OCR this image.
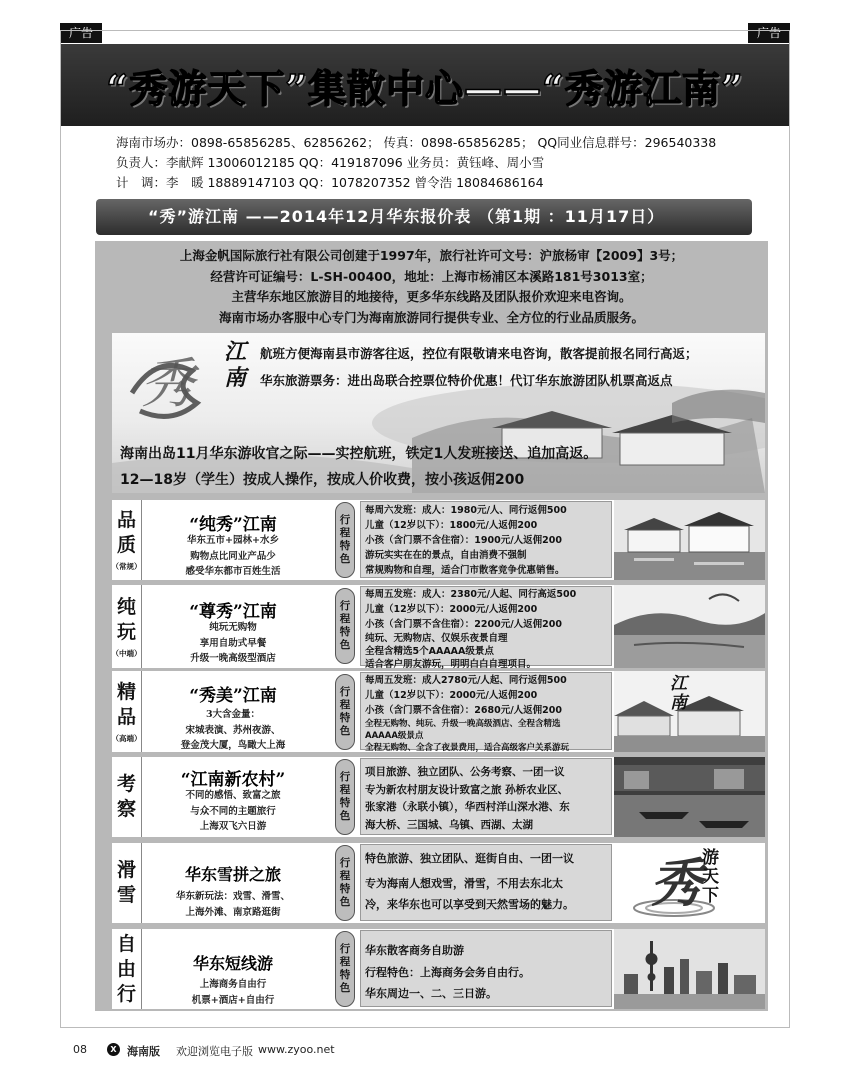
广告	广告
“秀游天下”集散中心——“秀游江南”
海南市场办：0898-65856285、62856262； 传真：0898-65856285； QQ同业信息群号：296540338
负责人：李献辉 13006012185 QQ：419187096 业务员：黄钰峰、周小雪
计　调：李　暖 18889147103 QQ：1078207352 曾令浩 18084686164
“秀”游江南 ——2014年12月华东报价表 （第1期 ：11月17日）
上海金帆国际旅行社有限公司创建于1997年，旅行社许可文号：沪旅杨审【2009】3号；
经营许可证编号：L-SH-00400，地址：上海市杨浦区本溪路181号3013室；
主营华东地区旅游目的地接待，更多华东线路及团队报价欢迎来电咨询。
海南市场办客服中心专门为海南旅游同行提供专业、全方位的行业品质服务。
秀 江南
航班方便海南县市游客往返，控位有限敬请来电咨询，散客提前报名同行高返；
华东旅游票务：进出岛联合控票位特价优惠！代订华东旅游团队机票高返点
海南出岛11月华东游收官之际——实控航班，铁定1人发班接送、追加高返。
12—18岁（学生）按成人操作，按成人价收费，按小孩返佣200
品质
（常规）
“纯秀”江南
华东五市+园林+水乡
购物点比同业产品少
感受华东都市百姓生活
行程特色
每周六发班：成人：1980元/人、同行返佣500
儿童（12岁以下）：1800元/人返佣200
小孩（含门票不含住宿）：1900元/人返佣200
游玩实实在在的景点，自由消费不强制
常规购物和自理，适合门市散客竞争优惠销售。
纯玩
（中端）
“尊秀”江南
纯玩无购物
享用自助式早餐
升级一晚高级型酒店
行程特色
每周五发班：成人：2380元/人起、同行高返500
儿童（12岁以下）：2000元/人返佣200
小孩（含门票不含住宿）：2200元/人返佣200
纯玩、无购物店、仅娱乐夜景自理
全程含精选5个AAAAA级景点
适合客户朋友游玩，明明白白自理项目。
精品
（高端）
“秀美”江南
3大含金量：
宋城表演、苏州夜游、
登金茂大厦，鸟瞰大上海
行程特色
每周五发班：成人2780元/人起、同行返佣500
儿童（12岁以下）：2000元/人返佣200
小孩（含门票不含住宿）：2680元/人返佣200
全程无购物、纯玩、升级一晚高级酒店、全程含精选
AAAAA级景点
全程无购物、全含了夜景费用，适合高级客户关系游玩
江南
考察
“江南新农村”
不同的感悟、致富之旅
与众不同的主题旅行
上海双飞六日游
行程特色
项目旅游、独立团队、公务考察、一团一议
专为新农村朋友设计致富之旅 孙桥农业区、
张家港（永联小镇），华西村洋山深水港、东
海大桥、三国城、乌镇、西湖、太湖
滑雪
华东雪拼之旅
华东新玩法：戏雪、滑雪、
上海外滩、南京路逛街
行程特色
特色旅游、独立团队、逛街自由、一团一议
专为海南人想戏雪，滑雪，不用去东北太
冷，来华东也可以享受到天然雪场的魅力。 秀 游天下
自由行
华东短线游
上海商务自由行
机票+酒店+自由行
行程特色
华东散客商务自助游
行程特色：上海商务会务自由行。
华东周边一、二、三日游。
08	X 海南版 欢迎浏览电子版 www.zyoo.net
